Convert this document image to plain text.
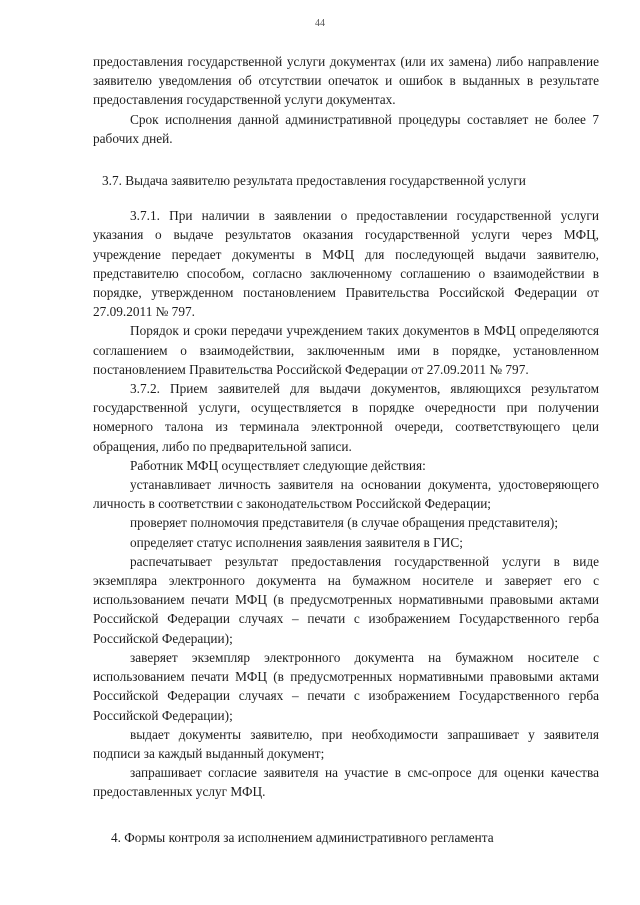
44

предоставления государственной услуги документах (или их замена) либо направление заявителю уведомления об отсутствии опечаток и ошибок в выданных в результате предоставления государственной услуги документах.

Срок исполнения данной административной процедуры составляет не более 7 рабочих дней.

3.7. Выдача заявителю результата предоставления государственной услуги

3.7.1. При наличии в заявлении о предоставлении государственной услуги указания о выдаче результатов оказания государственной услуги через МФЦ, учреждение передает документы в МФЦ для последующей выдачи заявителю, представителю способом, согласно заключенному соглашению о взаимодействии в порядке, утвержденном постановлением Правительства Российской Федерации от 27.09.2011 № 797.

Порядок и сроки передачи учреждением таких документов в МФЦ определяются соглашением о взаимодействии, заключенным ими в порядке, установленном постановлением Правительства Российской Федерации от 27.09.2011 № 797.

3.7.2. Прием заявителей для выдачи документов, являющихся результатом государственной услуги, осуществляется в порядке очередности при получении номерного талона из терминала электронной очереди, соответствующего цели обращения, либо по предварительной записи.

Работник МФЦ осуществляет следующие действия:

устанавливает личность заявителя на основании документа, удостоверяющего личность в соответствии с законодательством Российской Федерации;

проверяет полномочия представителя (в случае обращения представителя);

определяет статус исполнения заявления заявителя в ГИС;

распечатывает результат предоставления государственной услуги в виде экземпляра электронного документа на бумажном носителе и заверяет его с использованием печати МФЦ (в предусмотренных нормативными правовыми актами Российской Федерации случаях – печати с изображением Государственного герба Российской Федерации);

заверяет экземпляр электронного документа на бумажном носителе с использованием печати МФЦ (в предусмотренных нормативными правовыми актами Российской Федерации случаях – печати с изображением Государственного герба Российской Федерации);

выдает документы заявителю, при необходимости запрашивает у заявителя подписи за каждый выданный документ;

запрашивает согласие заявителя на участие в смс-опросе для оценки качества предоставленных услуг МФЦ.

4. Формы контроля за исполнением административного регламента
